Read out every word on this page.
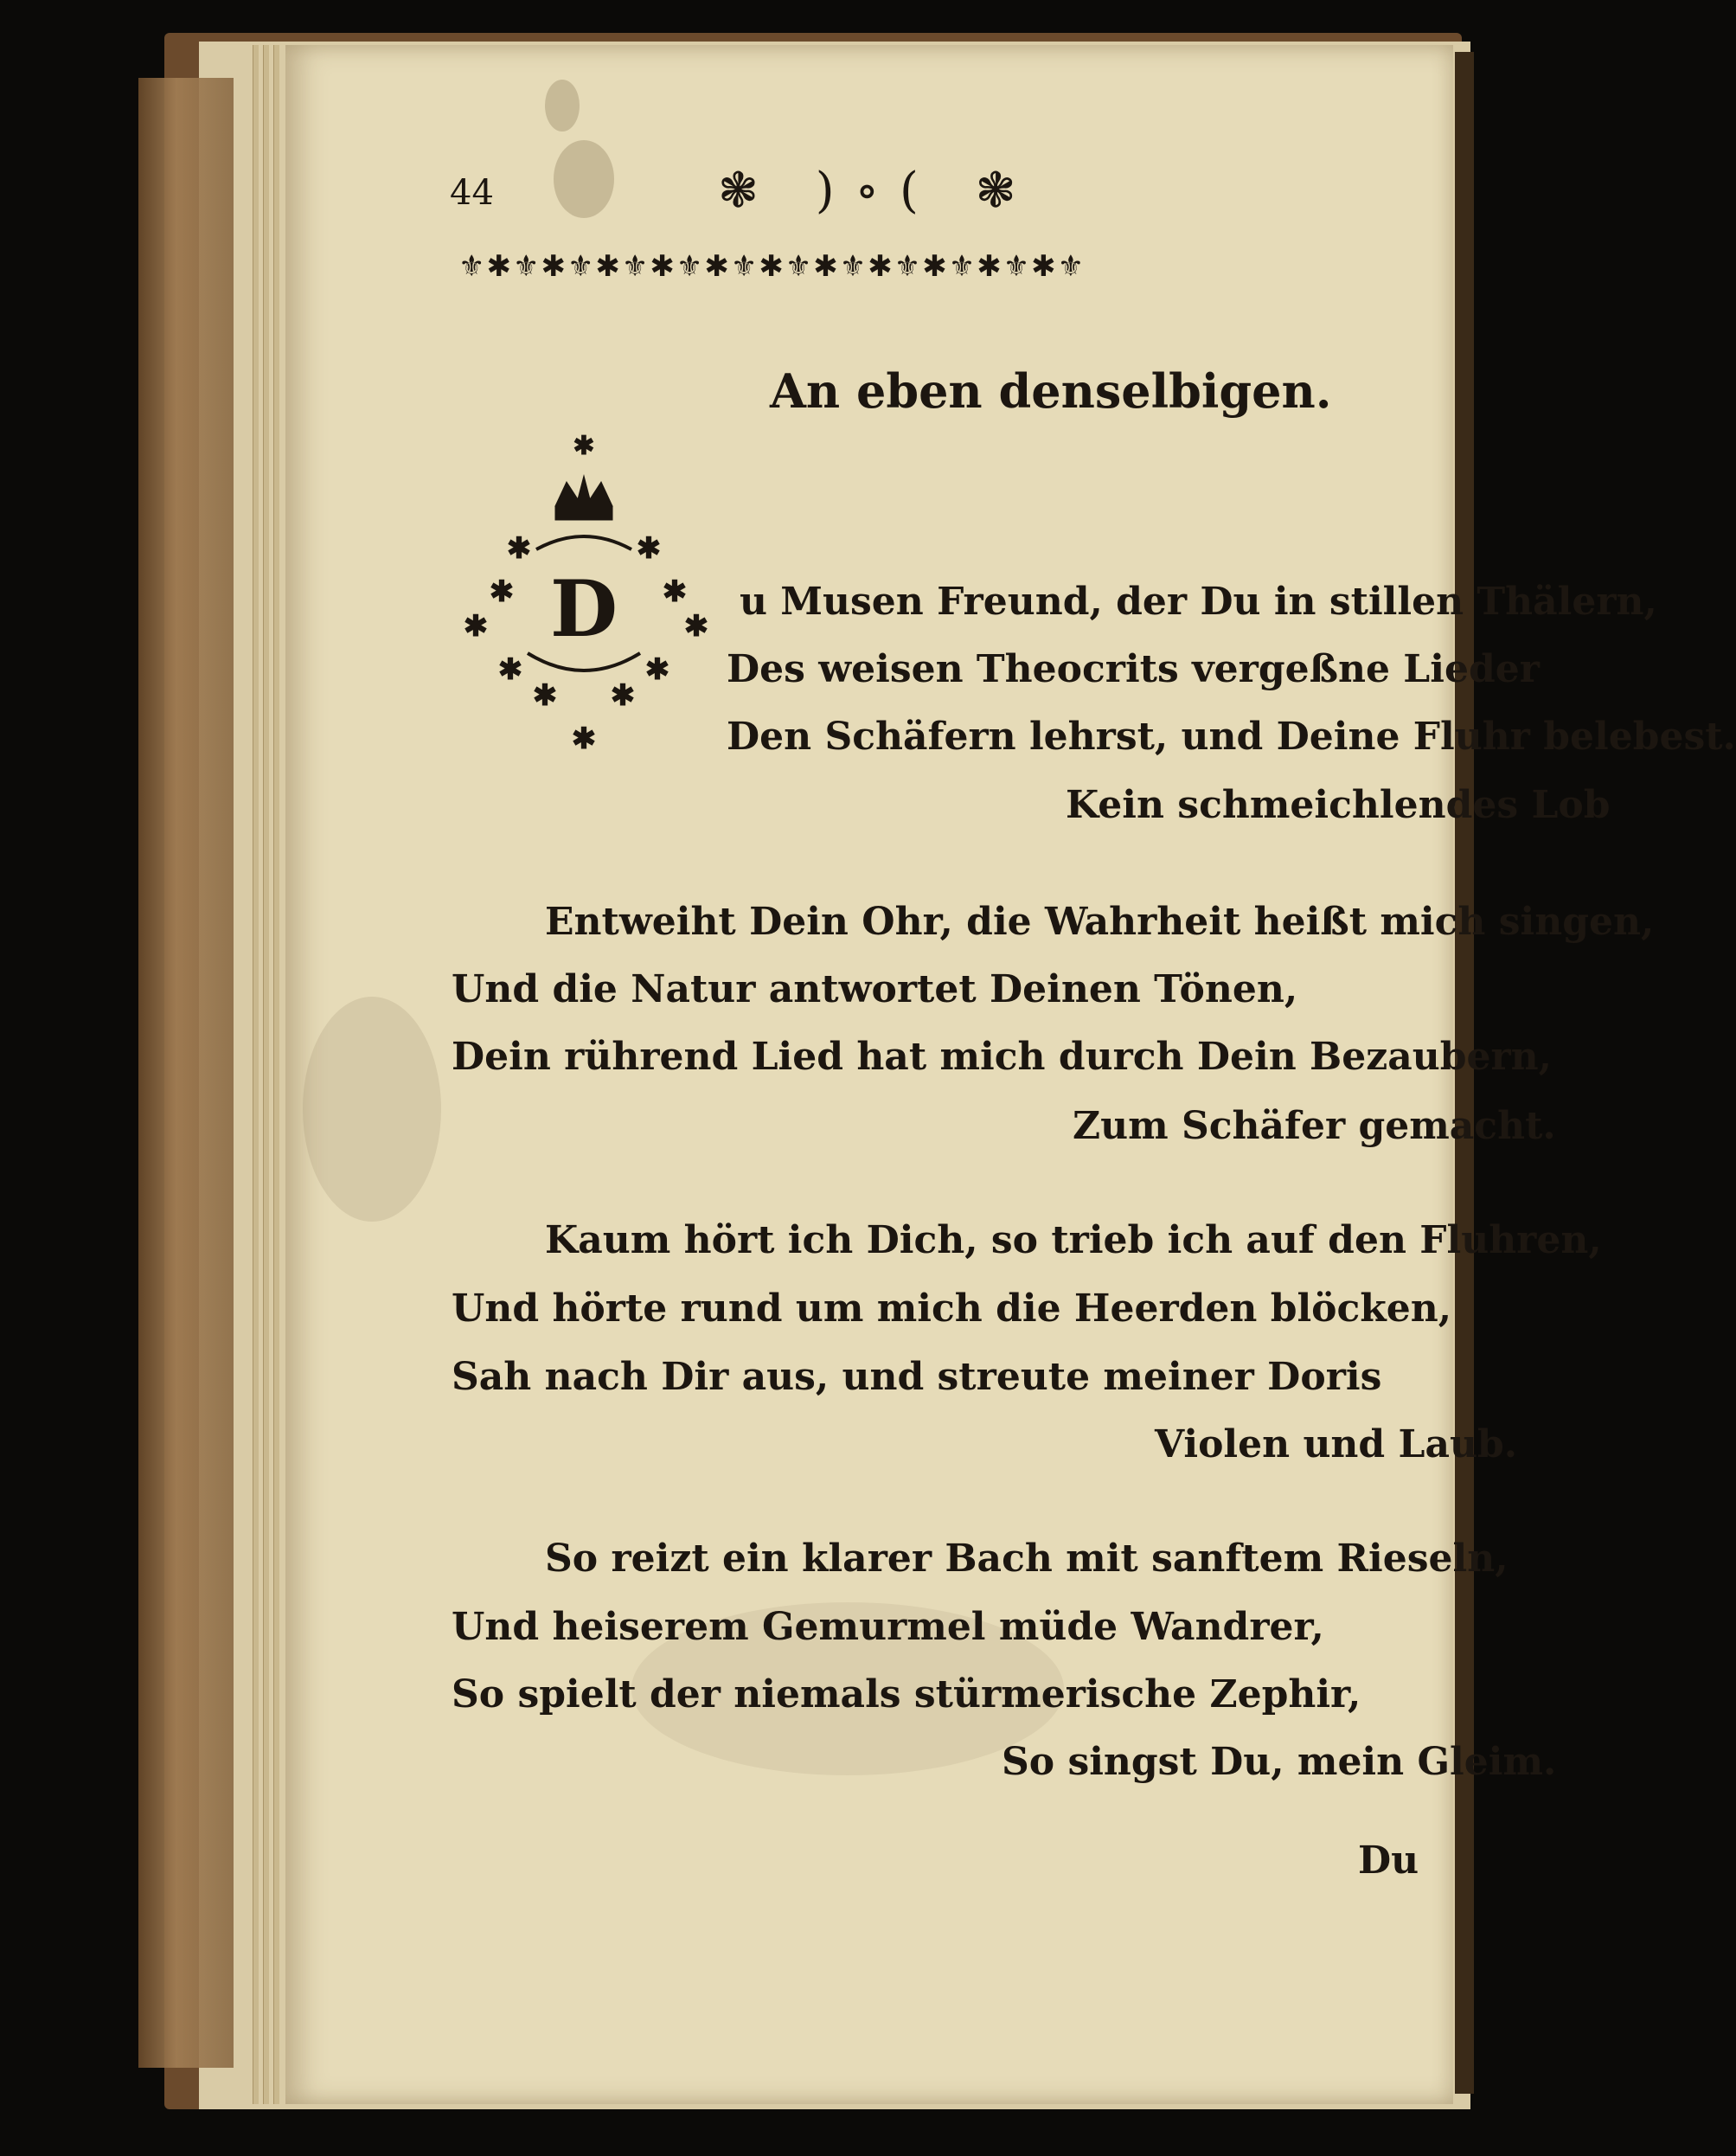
44	❃ )∘( ❃
⚜✱⚜✱⚜✱⚜✱⚜✱⚜✱⚜✱⚜✱⚜✱⚜✱⚜✱⚜
An eben denselbigen.
✱
✱	✱
✱	✱
✱	✱
✱	✱
✱ ✱
✱
D	u Musen Freund, der Du in stillen Thälern,
Des weisen Theocrits vergeßne Lieder
Den Schäfern lehrst, und Deine Fluhr belebest.
Kein schmeichlendes Lob
Entweiht Dein Ohr, die Wahrheit heißt mich singen,
Und die Natur antwortet Deinen Tönen,
Dein rührend Lied hat mich durch Dein Bezaubern,
Zum Schäfer gemacht.
Kaum hört ich Dich, so trieb ich auf den Fluhren,
Und hörte rund um mich die Heerden blöcken,
Sah nach Dir aus, und streute meiner Doris
Violen und Laub.
So reizt ein klarer Bach mit sanftem Rieseln,
Und heiserem Gemurmel müde Wandrer,
So spielt der niemals stürmerische Zephir,
So singst Du, mein Gleim.
Du
